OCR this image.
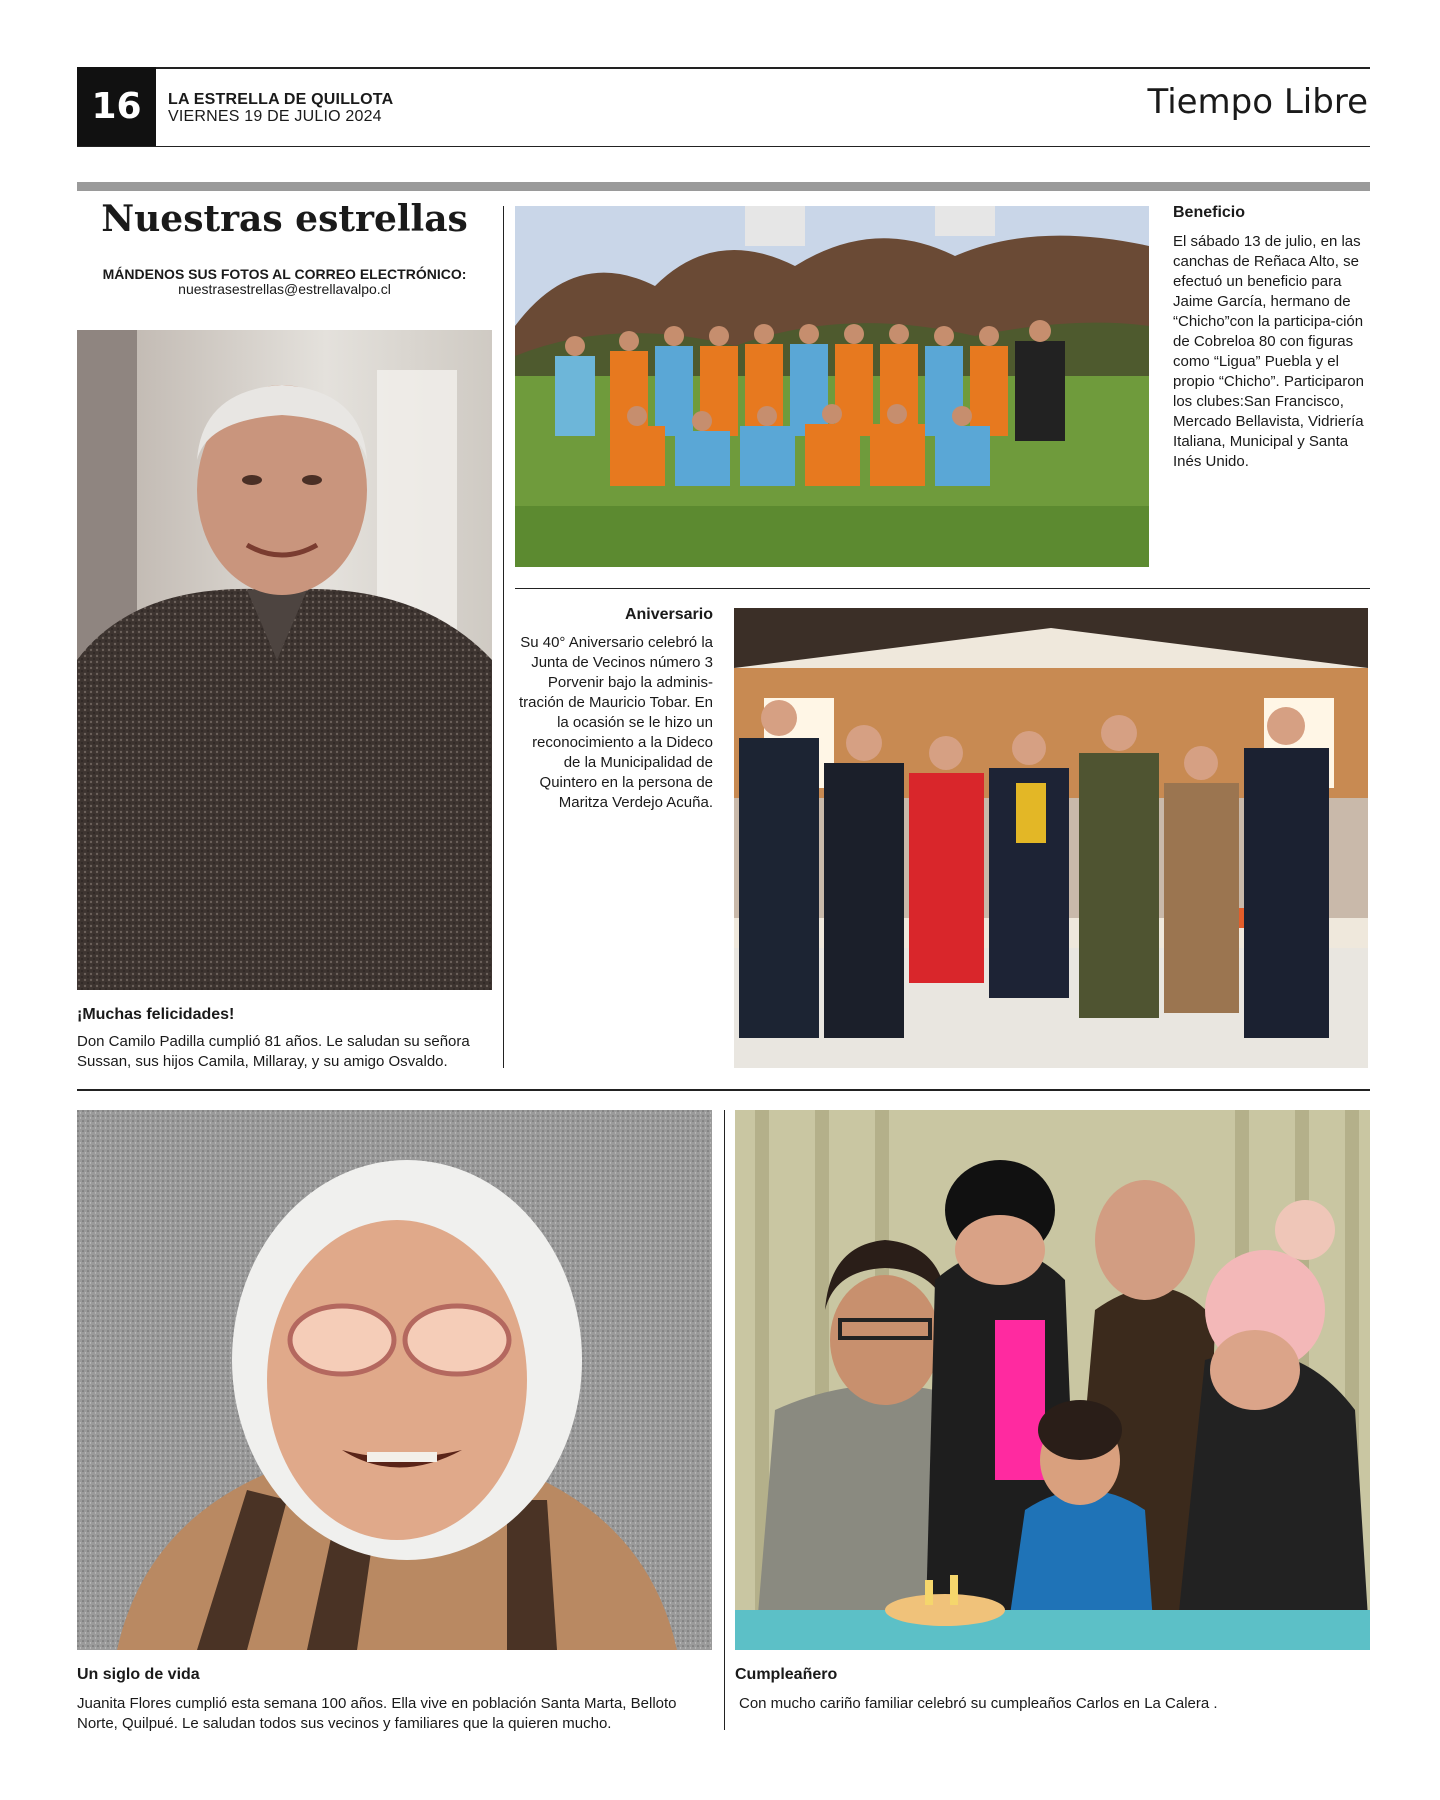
16	LA ESTRELLA DE QUILLOTA
VIERNES 19 DE JULIO 2024	Tiempo Libre
Nuestras estrellas
MÁNDENOS SUS FOTOS AL CORREO ELECTRÓNICO:
nuestrasestrellas@estrellavalpo.cl
¡Muchas felicidades!
Don Camilo Padilla cumplió 81 años. Le saludan su señora Sussan, sus hijos Camila, Millaray, y su amigo Osvaldo.
Beneficio
El sábado 13 de julio, en las canchas de Reñaca Alto, se efectuó un beneficio para Jaime García, hermano de “Chicho”con la participa-ción de Cobreloa 80 con figuras como “Ligua” Puebla y el propio “Chicho”. Participaron los clubes:San Francisco, Mercado Bellavista, Vidriería Italiana, Municipal y Santa Inés Unido.
Aniversario
Su 40° Aniversario celebró la Junta de Vecinos número 3 Porvenir bajo la adminis-tración de Mauricio Tobar. En la ocasión se le hizo un reconocimiento a la Dideco de la Municipalidad de Quintero en la persona de Maritza Verdejo Acuña.
Un siglo de vida
Juanita Flores cumplió esta semana 100 años. Ella vive en población Santa Marta, Belloto Norte, Quilpué. Le saludan todos sus vecinos y familiares que la quieren mucho.
Cumpleañero
Con mucho cariño familiar celebró su cumpleaños Carlos en La Calera .
